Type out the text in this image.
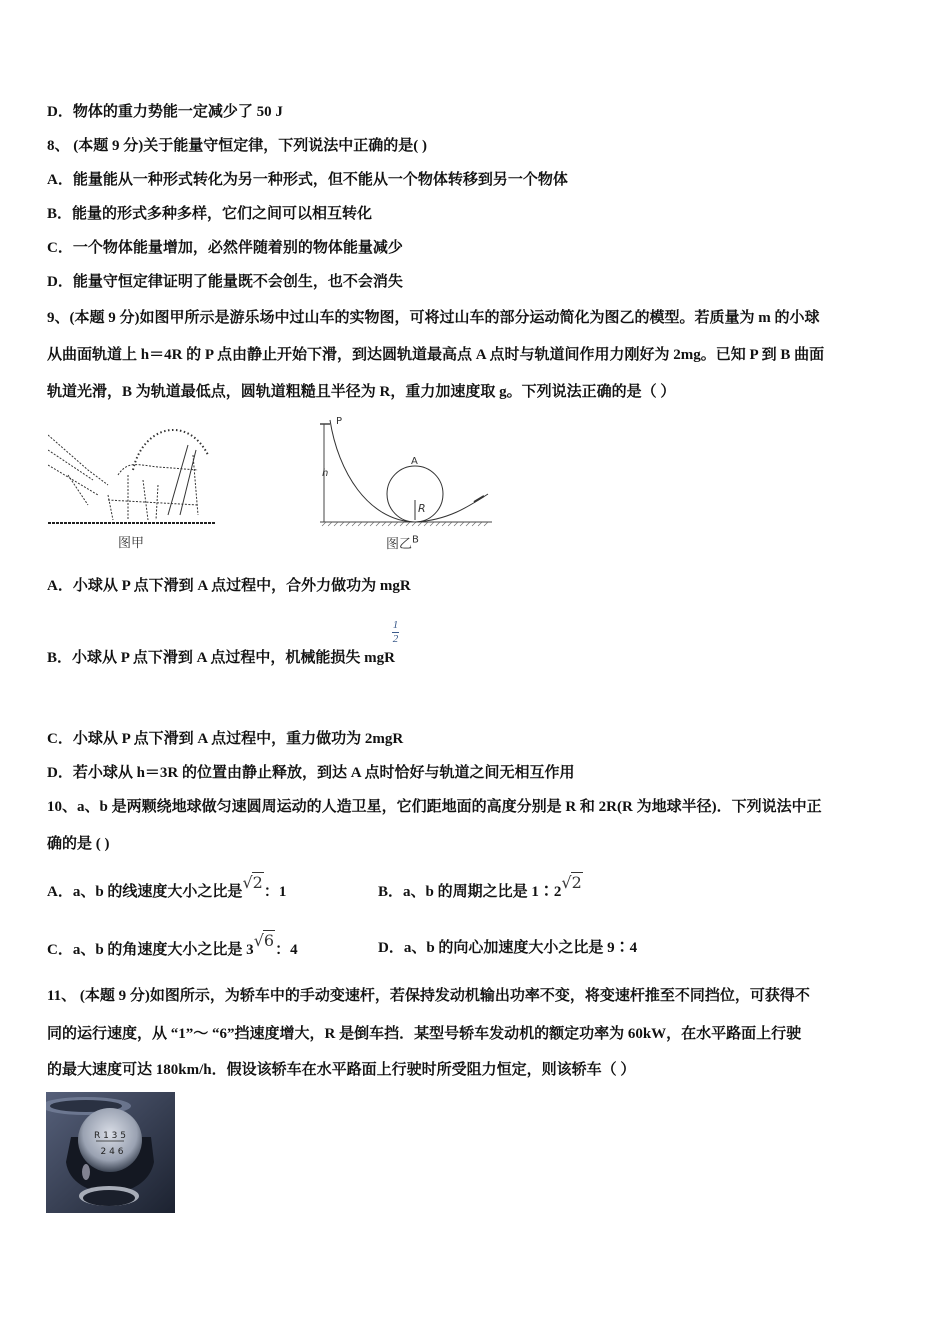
D．物体的重力势能一定减少了 50 J
8、 (本题 9 分)关于能量守恒定律，下列说法中正确的是( )
A．能量能从一种形式转化为另一种形式，但不能从一个物体转移到另一个物体
B．能量的形式多种多样，它们之间可以相互转化
C．一个物体能量增加，必然伴随着别的物体能量减少
D．能量守恒定律证明了能量既不会创生，也不会消失
9、(本题 9 分)如图甲所示是游乐场中过山车的实物图，可将过山车的部分运动简化为图乙的模型。若质量为 m 的小球
从曲面轨道上 h＝4R 的 P 点由静止开始下滑，到达圆轨道最高点 A 点时与轨道间作用力刚好为 2mg。已知 P 到 B 曲面
轨道光滑，B 为轨道最低点，圆轨道粗糙且半径为 R，重力加速度取 g。下列说法正确的是（ ）
图甲
h
P
A
R
图乙$^B$
A．小球从 P 点下滑到 A 点过程中，合外力做功为 mgR
1
2
B．小球从 P 点下滑到 A 点过程中，机械能损失 mgR
C．小球从 P 点下滑到 A 点过程中，重力做功为 2mgR
D．若小球从 h＝3R 的位置由静止释放，到达 A 点时恰好与轨道之间无相互作用
10、a、b 是两颗绕地球做匀速圆周运动的人造卫星，它们距地面的高度分别是 R 和 2R(R 为地球半径)．下列说法中正
确的是 ( )
A．a、b 的线速度大小之比是√2：1	B．a、b 的周期之比是 1∶2√2
C．a、b 的角速度大小之比是 3√6：4	D．a、b 的向心加速度大小之比是 9∶4
11、 (本题 9 分)如图所示，为轿车中的手动变速杆，若保持发动机输出功率不变，将变速杆推至不同挡位，可获得不
同的运行速度，从 “1”～ “6”挡速度增大，R 是倒车挡．某型号轿车发动机的额定功率为 60kW，在水平路面上行驶
的最大速度可达 180km/h．假设该轿车在水平路面上行驶时所受阻力恒定，则该轿车（ ）
R 1 3 5
2 4 6
